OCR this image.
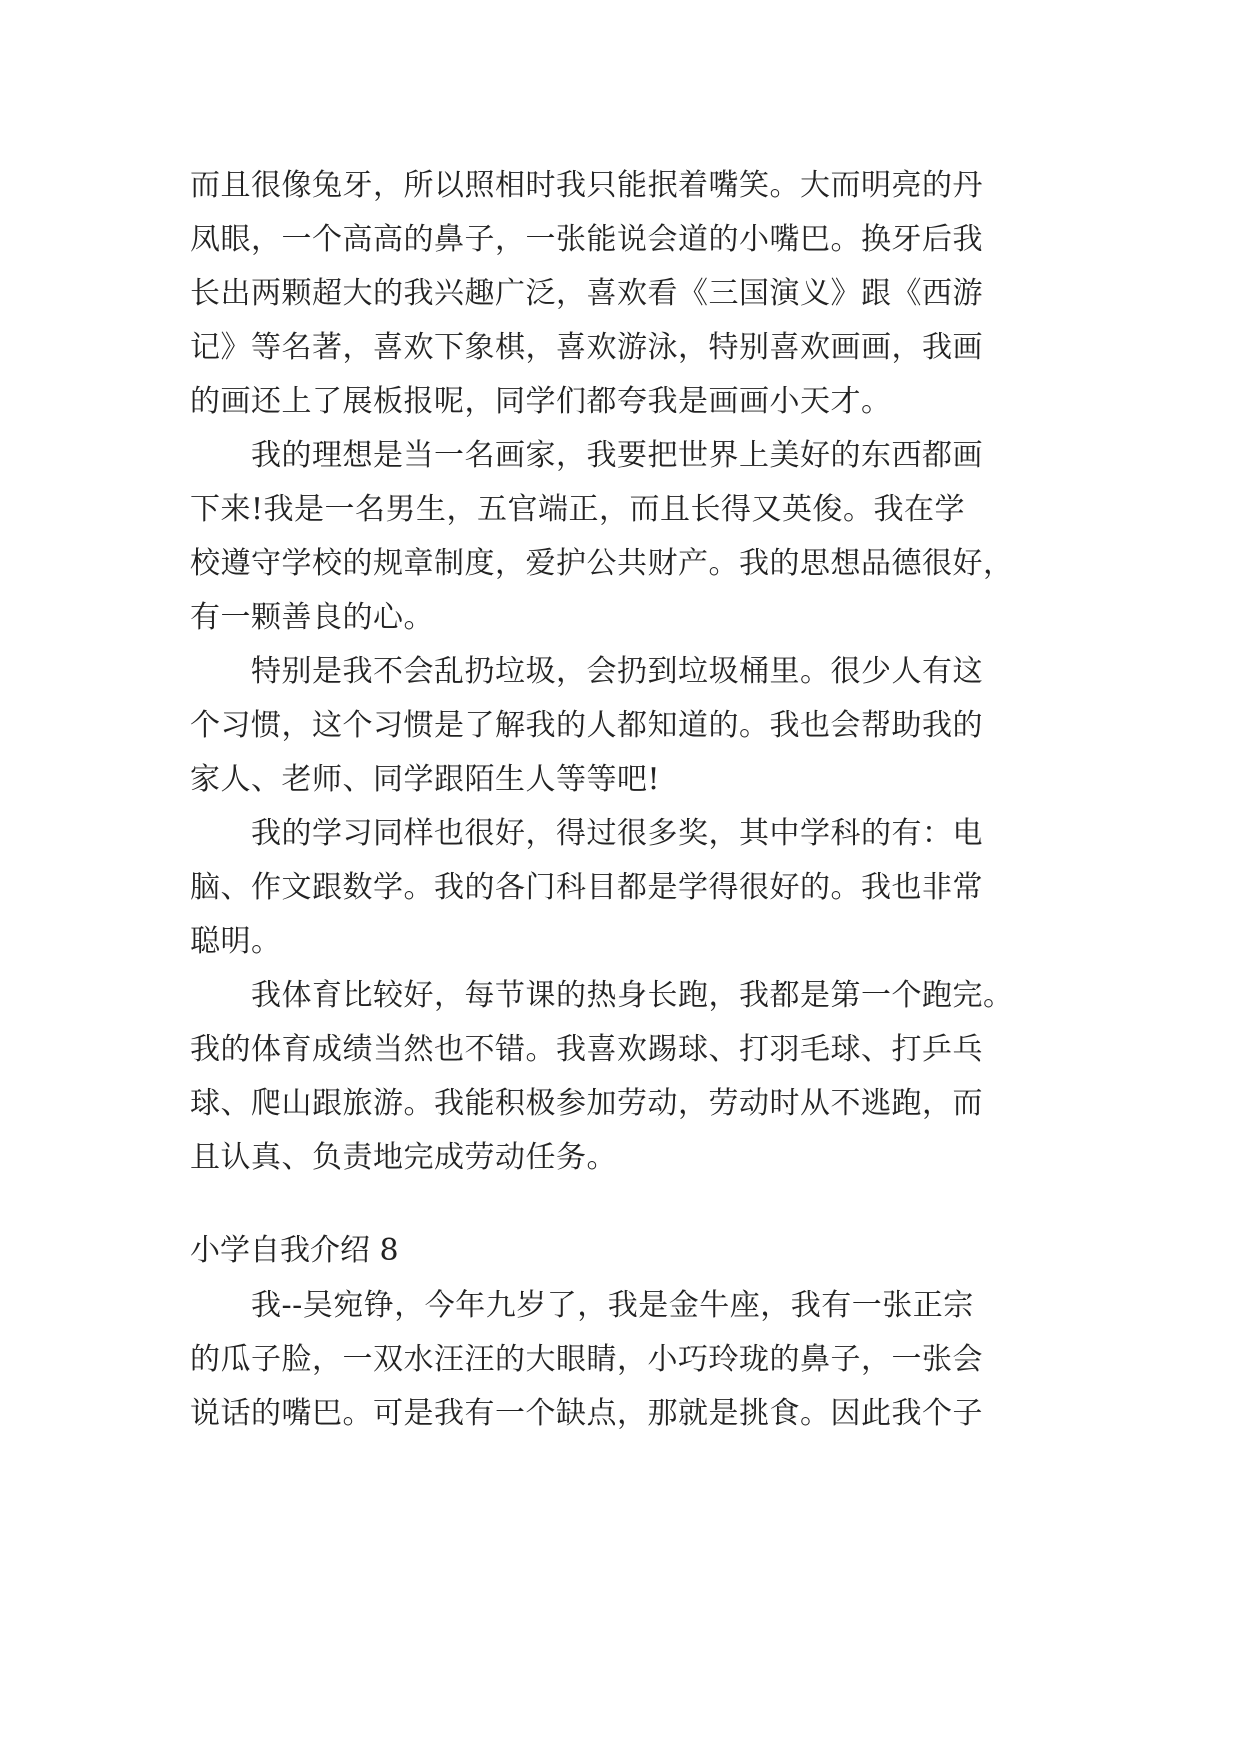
而且很像兔牙，所以照相时我只能抿着嘴笑。大而明亮的丹
凤眼，一个高高的鼻子，一张能说会道的小嘴巴。换牙后我
长出两颗超大的我兴趣广泛，喜欢看《三国演义》跟《西游
记》等名著，喜欢下象棋，喜欢游泳，特别喜欢画画，我画
的画还上了展板报呢，同学们都夸我是画画小天才。
我的理想是当一名画家，我要把世界上美好的东西都画
下来!我是一名男生，五官端正，而且长得又英俊。我在学
校遵守学校的规章制度，爱护公共财产。我的思想品德很好，
有一颗善良的心。
特别是我不会乱扔垃圾，会扔到垃圾桶里。很少人有这
个习惯，这个习惯是了解我的人都知道的。我也会帮助我的
家人、老师、同学跟陌生人等等吧!
我的学习同样也很好，得过很多奖，其中学科的有：电
脑、作文跟数学。我的各门科目都是学得很好的。我也非常
聪明。
我体育比较好，每节课的热身长跑，我都是第一个跑完。
我的体育成绩当然也不错。我喜欢踢球、打羽毛球、打乒乓
球、爬山跟旅游。我能积极参加劳动，劳动时从不逃跑，而
且认真、负责地完成劳动任务。
小学自我介绍 8
我--吴宛铮，今年九岁了，我是金牛座，我有一张正宗
的瓜子脸，一双水汪汪的大眼睛，小巧玲珑的鼻子，一张会
说话的嘴巴。可是我有一个缺点，那就是挑食。因此我个子
